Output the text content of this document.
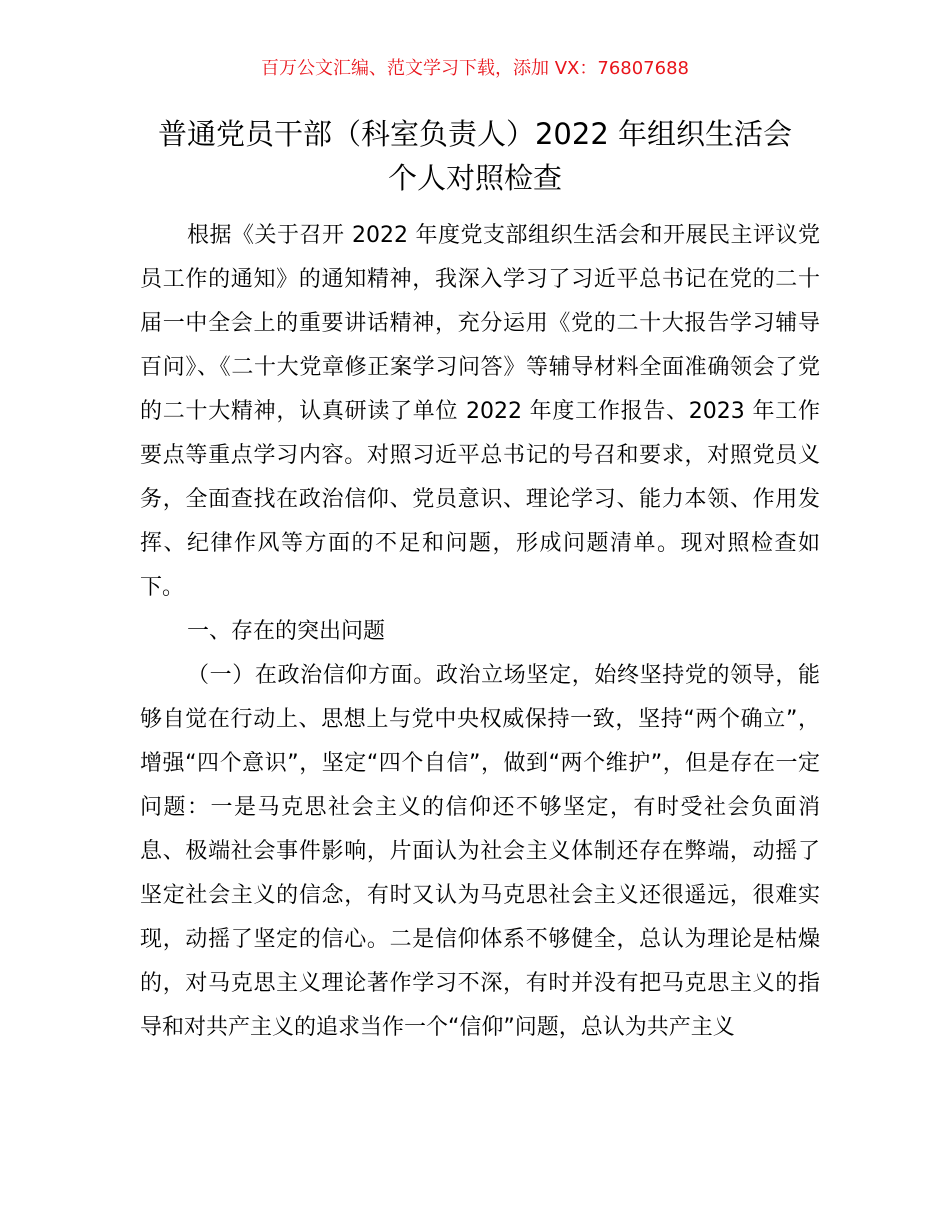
百万公文汇编、范文学习下载，添加 VX：76807688
普通党员干部（科室负责人）2022 年组织生活会
个人对照检查

根据《关于召开 2022 年度党支部组织生活会和开展民主评议党员工作的通知》的通知精神，我深入学习了习近平总书记在党的二十届一中全会上的重要讲话精神，充分运用《党的二十大报告学习辅导百问》、《二十大党章修正案学习问答》等辅导材料全面准确领会了党的二十大精神，认真研读了单位 2022 年度工作报告、2023 年工作要点等重点学习内容。对照习近平总书记的号召和要求，对照党员义务，全面查找在政治信仰、党员意识、理论学习、能力本领、作用发挥、纪律作风等方面的不足和问题，形成问题清单。现对照检查如下。

一、存在的突出问题

（一）在政治信仰方面。政治立场坚定，始终坚持党的领导，能够自觉在行动上、思想上与党中央权威保持一致，坚持“两个确立”，增强“四个意识”，坚定“四个自信”，做到“两个维护”，但是存在一定问题：一是马克思社会主义的信仰还不够坚定，有时受社会负面消息、极端社会事件影响，片面认为社会主义体制还存在弊端，动摇了坚定社会主义的信念，有时又认为马克思社会主义还很遥远，很难实现，动摇了坚定的信心。二是信仰体系不够健全，总认为理论是枯燥的，对马克思主义理论著作学习不深，有时并没有把马克思主义的指导和对共产主义的追求当作一个“信仰”问题，总认为共产主义
